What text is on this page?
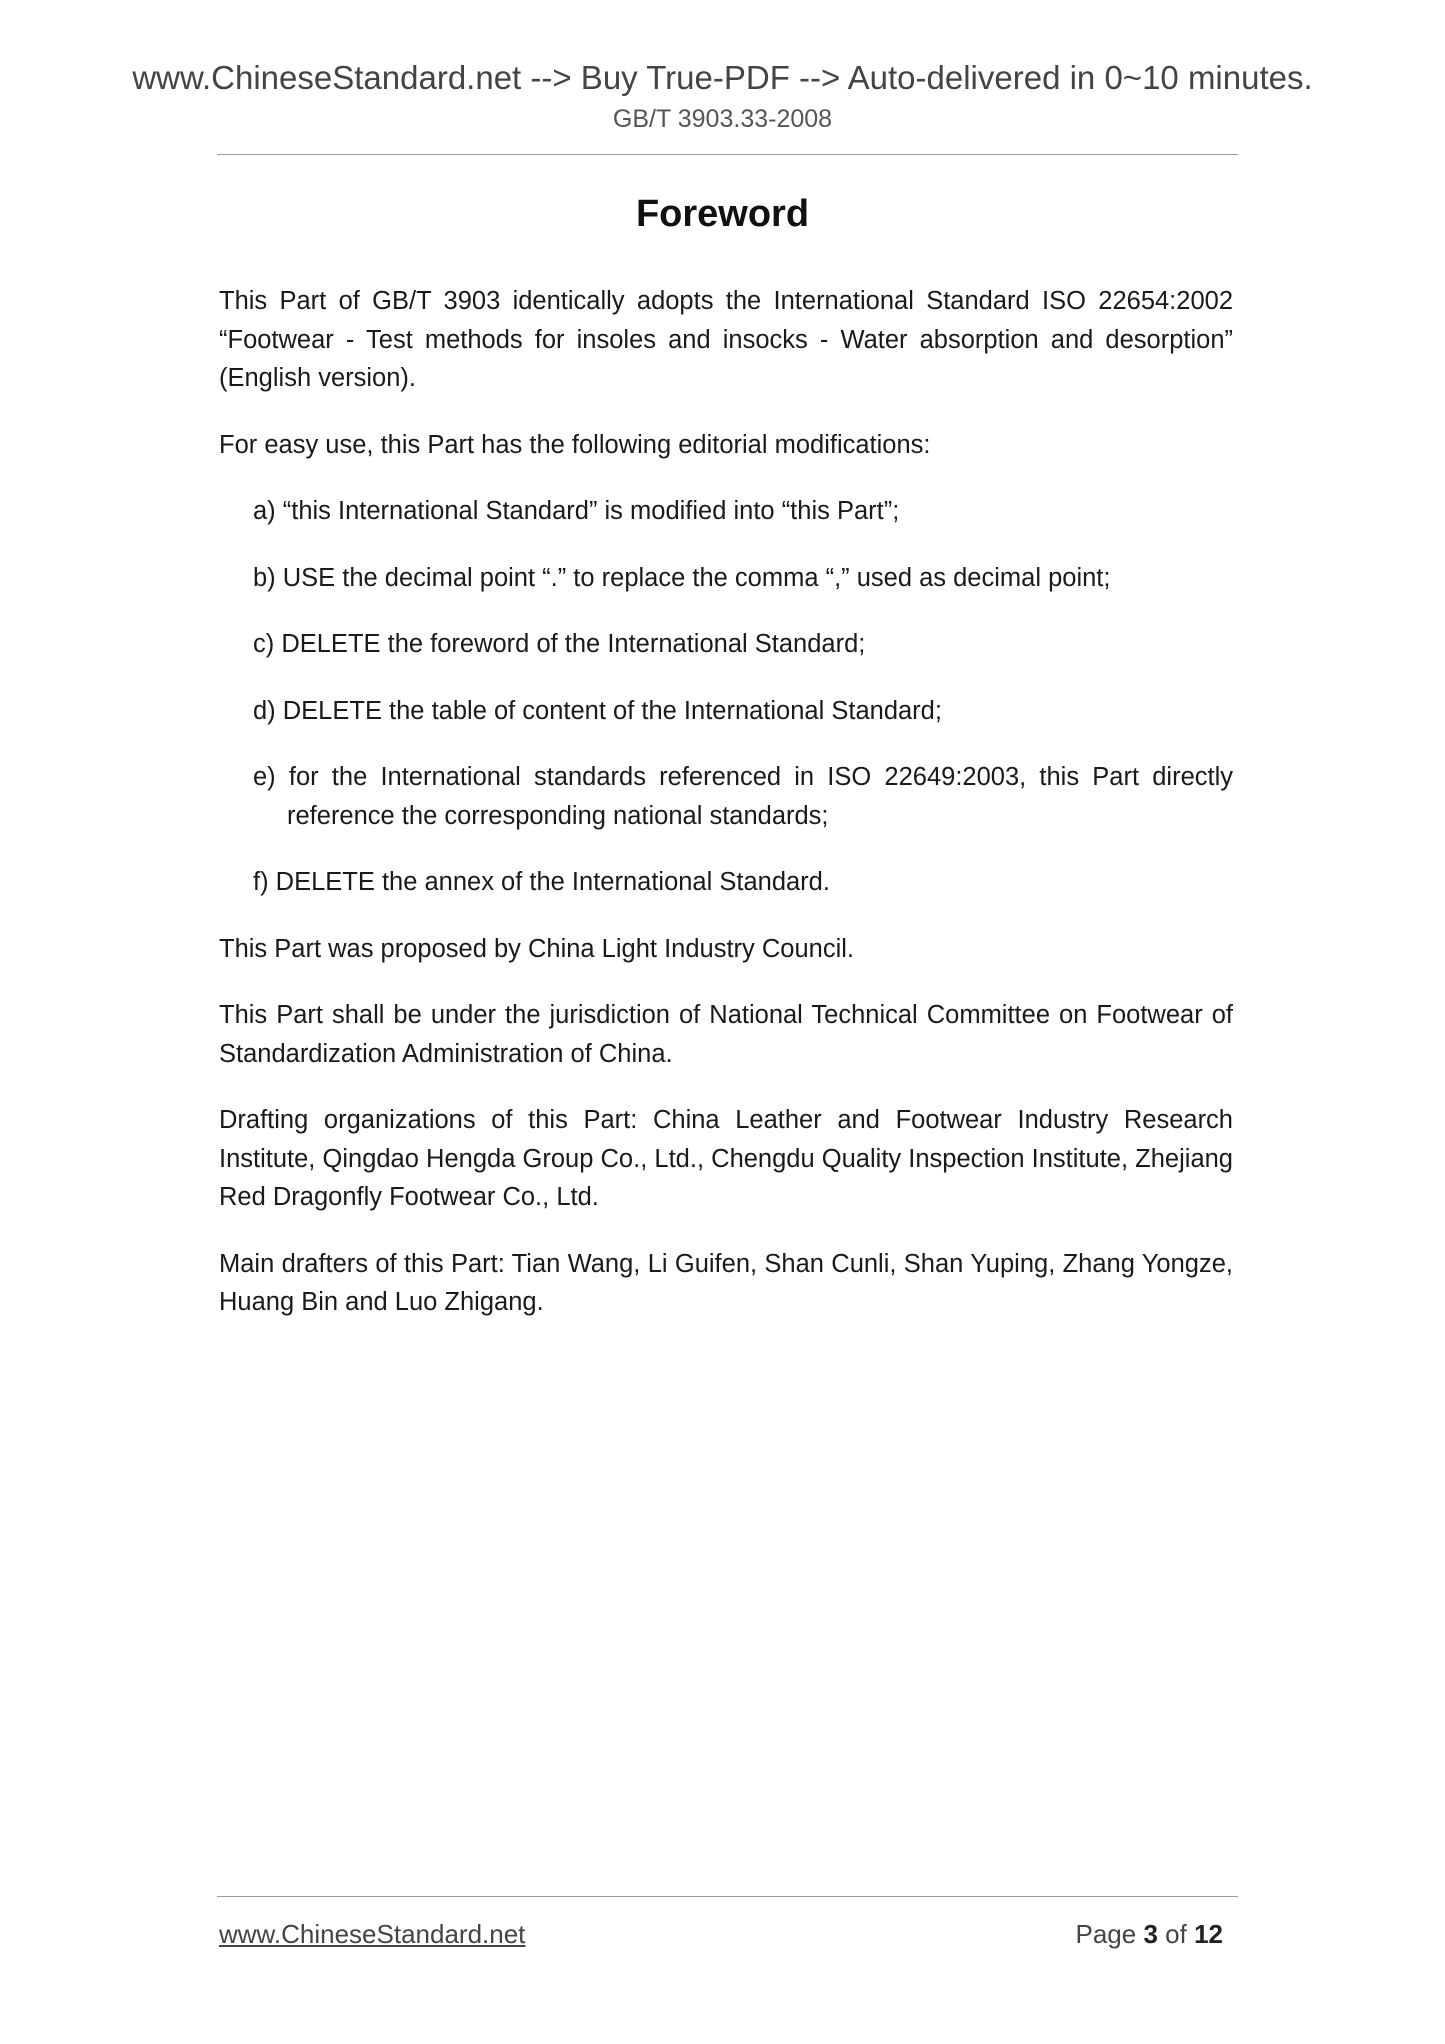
www.ChineseStandard.net --> Buy True-PDF --> Auto-delivered in 0~10 minutes.
GB/T 3903.33-2008
Foreword

This Part of GB/T 3903 identically adopts the International Standard ISO 22654:2002 “Footwear - Test methods for insoles and insocks - Water absorption and desorption” (English version).

For easy use, this Part has the following editorial modifications:

a) “this International Standard” is modified into “this Part”;
b) USE the decimal point “.” to replace the comma “,” used as decimal point;
c) DELETE the foreword of the International Standard;
d) DELETE the table of content of the International Standard;
e) for the International standards referenced in ISO 22649:2003, this Part directly reference the corresponding national standards;
f) DELETE the annex of the International Standard.

This Part was proposed by China Light Industry Council.

This Part shall be under the jurisdiction of National Technical Committee on Footwear of Standardization Administration of China.

Drafting organizations of this Part: China Leather and Footwear Industry Research Institute, Qingdao Hengda Group Co., Ltd., Chengdu Quality Inspection Institute, Zhejiang Red Dragonfly Footwear Co., Ltd.

Main drafters of this Part: Tian Wang, Li Guifen, Shan Cunli, Shan Yuping, Zhang Yongze, Huang Bin and Luo Zhigang.

www.ChineseStandard.net	Page 3 of 12
